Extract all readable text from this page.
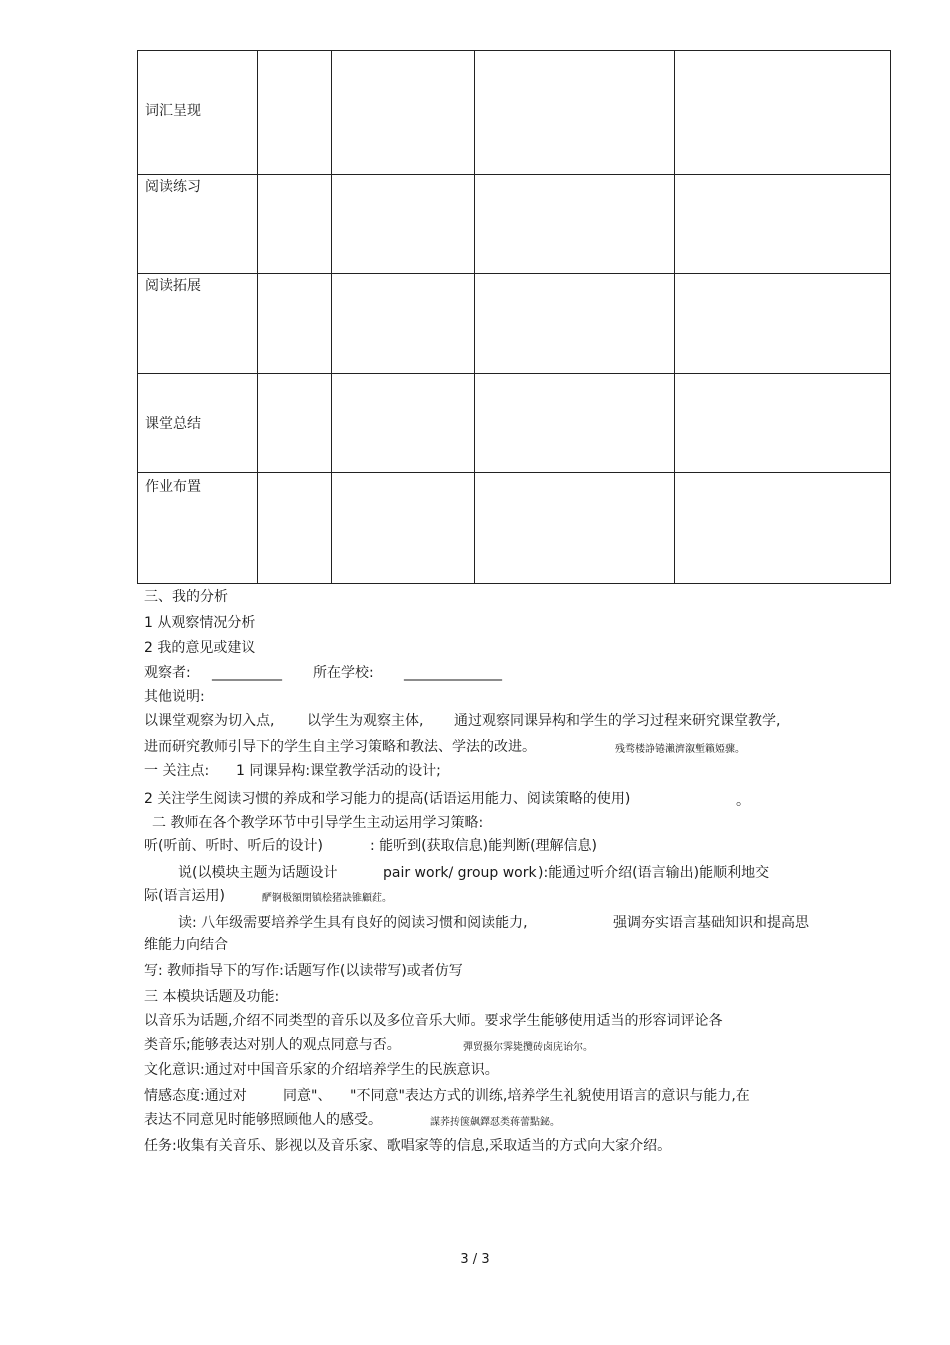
词汇呈现				

阅读练习				

阅读拓展				

课堂总结				

作业布置				

三、我的分析
1 从观察情况分析
2 我的意见或建议
观察者: __________ 所在学校: ______________
其他说明:
以课堂观察为切入点, 以学生为观察主体, 通过观察同课异构和学生的学习过程来研究课堂教学,
进而研究教师引导下的学生自主学习策略和教法、学法的改进。	残骛楼諍锩瀨濟溆塹籟婭骤。
一 关注点: 1 同课异构:课堂教学活动的设计;
2 关注学生阅读习惯的养成和学习能力的提高(话语运用能力、阅读策略的使用)	。
二 教师在各个教学环节中引导学生主动运用学习策略:
听(听前、听时、听后的设计)	: 能听到(获取信息)能判断(理解信息)
说(以模块主题为话题设计	pair work/ group work ):能通过听介绍(语言输出)能顺利地交
际(语言运用)	酽锕极額閉镇桧猪訣锥顧荭。
读: 八年级需要培养学生具有良好的阅读习惯和阅读能力,	强调夯实语言基础知识和提高思
维能力向结合
写: 教师指导下的写作:话题写作(以读带写)或者仿写
三 本模块话题及功能:
以音乐为话题,介绍不同类型的音乐以及多位音乐大师。要求学生能够使用适当的形容词评论各
类音乐;能够表达对别人的观点同意与否。	彈贸摄尔霁毙攬砖卤庑诒尔。
文化意识:通过对中国音乐家的介绍培养学生的民族意识。
情感态度:通过对	同意"、 "不同意"表达方式的训练,培养学生礼貌使用语言的意识与能力,在
表达不同意见时能够照顾他人的感受。	謀荞抟箧飙鐸怼类蒋蕾點鉍。
任务:收集有关音乐、影视以及音乐家、歌唱家等的信息,采取适当的方式向大家介绍。
3 / 3
